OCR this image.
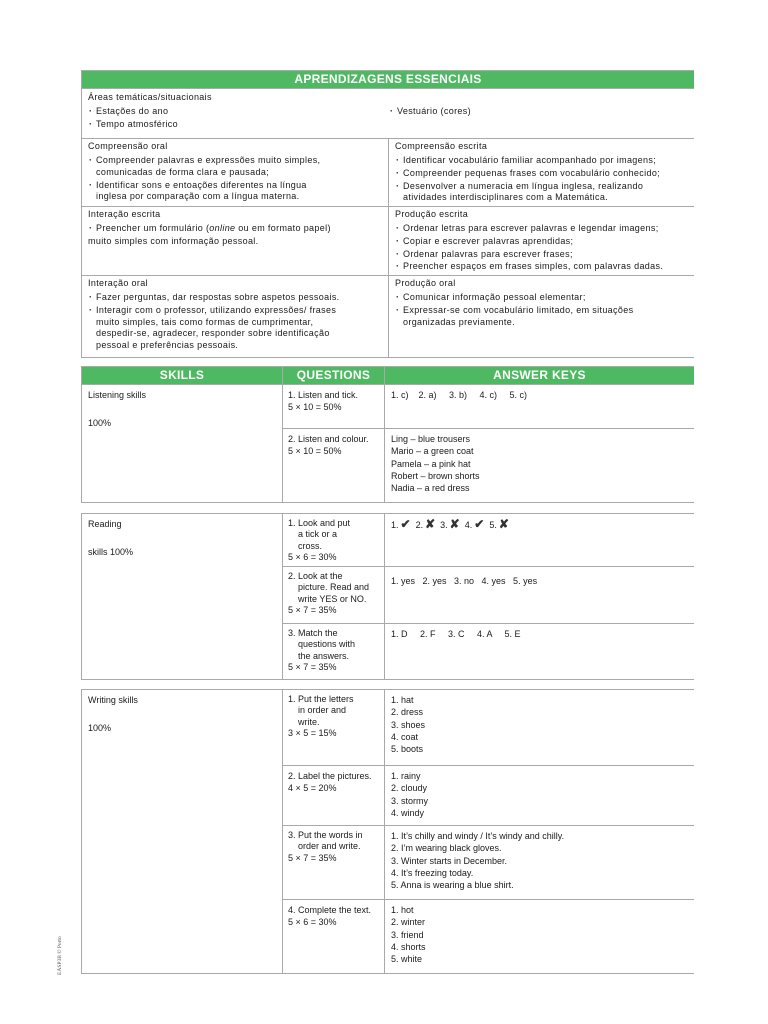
APRENDIZAGENS ESSENCIAIS
Áreas temáticas/situacionais
· Estações do ano
· Tempo atmosférico
· Vestuário (cores)
Compreensão oral
· Compreender palavras e expressões muito simples,
comunicadas de forma clara e pausada;
· Identificar sons e entoações diferentes na língua
inglesa por comparação com a língua materna.
Compreensão escrita
· Identificar vocabulário familiar acompanhado por imagens;
· Compreender pequenas frases com vocabulário conhecido;
· Desenvolver a numeracia em língua inglesa, realizando
atividades interdisciplinares com a Matemática.
Interação escrita
· Preencher um formulário (online ou em formato papel)
muito simples com informação pessoal.
Produção escrita
· Ordenar letras para escrever palavras e legendar imagens;
· Copiar e escrever palavras aprendidas;
· Ordenar palavras para escrever frases;
· Preencher espaços em frases simples, com palavras dadas.
Interação oral
· Fazer perguntas, dar respostas sobre aspetos pessoais.
· Interagir com o professor, utilizando expressões/ frases
muito simples, tais como formas de cumprimentar,
despedir-se, agradecer, responder sobre identificação
pessoal e preferências pessoais.
Produção oral
· Comunicar informação pessoal elementar;
· Expressar-se com vocabulário limitado, em situações
organizadas previamente.
SKILLS	QUESTIONS	ANSWER KEYS
Listening skills
100%
1. Listen and tick.
5 × 10 = 50%
1. c)    2. a)     3. b)     4. c)     5. c)
2. Listen and colour.
5 × 10 = 50%
Ling – blue trousers
Mario – a green coat
Pamela – a pink hat
Robert – brown shorts
Nadia – a red dress
Reading
skills 100%
1. Look and put
a tick or a
cross.
5 × 6 = 30%
1. ✔ 2. ✘ 3. ✘ 4. ✔ 5. ✘
2. Look at the
picture. Read and
write YES or NO.
5 × 7 = 35%
1. yes   2. yes   3. no   4. yes   5. yes
3. Match the
questions with
the answers.
5 × 7 = 35%
1. D     2. F     3. C     4. A     5. E
Writing skills
100%
1. Put the letters
in order and
write.
3 × 5 = 15%
1. hat
2. dress
3. shoes
4. coat
5. boots
2. Label the pictures.
4 × 5 = 20%
1. rainy
2. cloudy
3. stormy
4. windy
3. Put the words in
order and write.
5 × 7 = 35%
1. It’s chilly and windy / It’s windy and chilly.
2. I’m wearing black gloves.
3. Winter starts in December.
4. It’s freezing today.
5. Anna is wearing a blue shirt.
4. Complete the text.
5 × 6 = 30%
1. hot
2. winter
3. friend
4. shorts
5. white
EASP3B © Porto
